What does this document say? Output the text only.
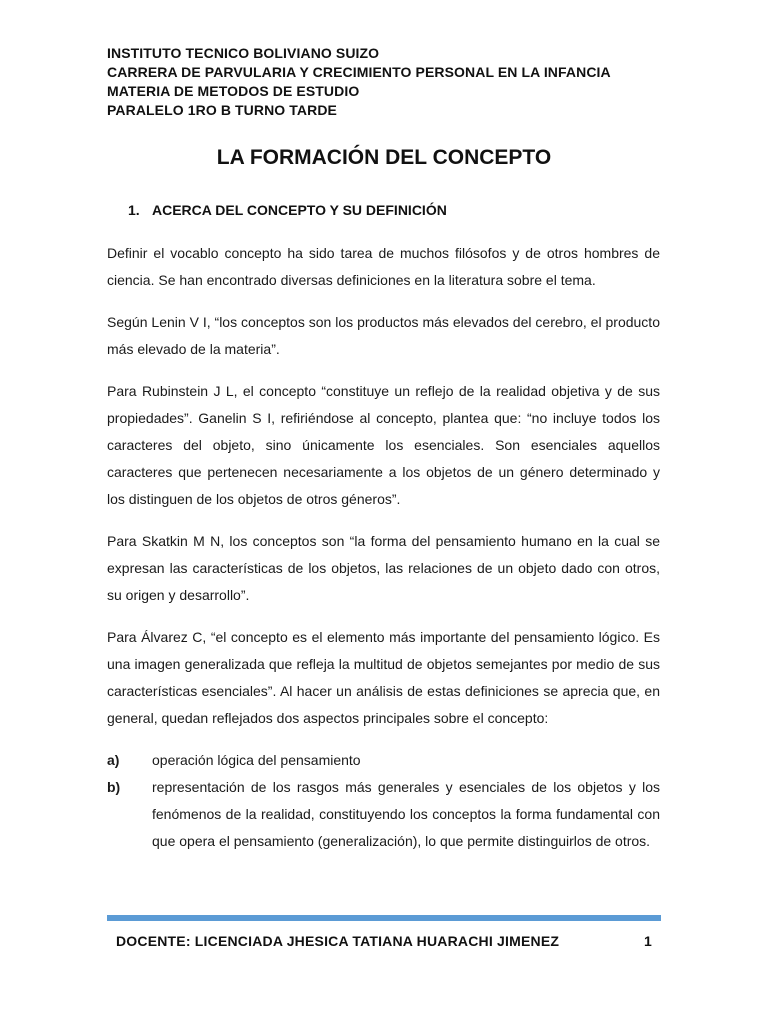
INSTITUTO TECNICO BOLIVIANO SUIZO
CARRERA DE PARVULARIA Y CRECIMIENTO PERSONAL EN LA INFANCIA
MATERIA DE METODOS DE ESTUDIO
PARALELO 1RO B TURNO TARDE
LA FORMACIÓN DEL CONCEPTO
1. ACERCA DEL CONCEPTO Y SU DEFINICIÓN

Definir el vocablo concepto ha sido tarea de muchos filósofos y de otros hombres de ciencia. Se han encontrado diversas definiciones en la literatura sobre el tema.

Según Lenin V I, “los conceptos son los productos más elevados del cerebro, el producto más elevado de la materia”.

Para Rubinstein J L, el concepto “constituye un reflejo de la realidad objetiva y de sus propiedades”. Ganelin S I, refiriéndose al concepto, plantea que: “no incluye todos los caracteres del objeto, sino únicamente los esenciales. Son esenciales aquellos caracteres que pertenecen necesariamente a los objetos de un género determinado y los distinguen de los objetos de otros géneros”.

Para Skatkin M N, los conceptos son “la forma del pensamiento humano en la cual se expresan las características de los objetos, las relaciones de un objeto dado con otros, su origen y desarrollo”.

Para Álvarez C, “el concepto es el elemento más importante del pensamiento lógico. Es una imagen generalizada que refleja la multitud de objetos semejantes por medio de sus características esenciales”. Al hacer un análisis de estas definiciones se aprecia que, en general, quedan reflejados dos aspectos principales sobre el concepto:

a) operación lógica del pensamiento
b) representación de los rasgos más generales y esenciales de los objetos y los fenómenos de la realidad, constituyendo los conceptos la forma fundamental con que opera el pensamiento (generalización), lo que permite distinguirlos de otros.
DOCENTE: LICENCIADA JHESICA TATIANA HUARACHI JIMENEZ	1
